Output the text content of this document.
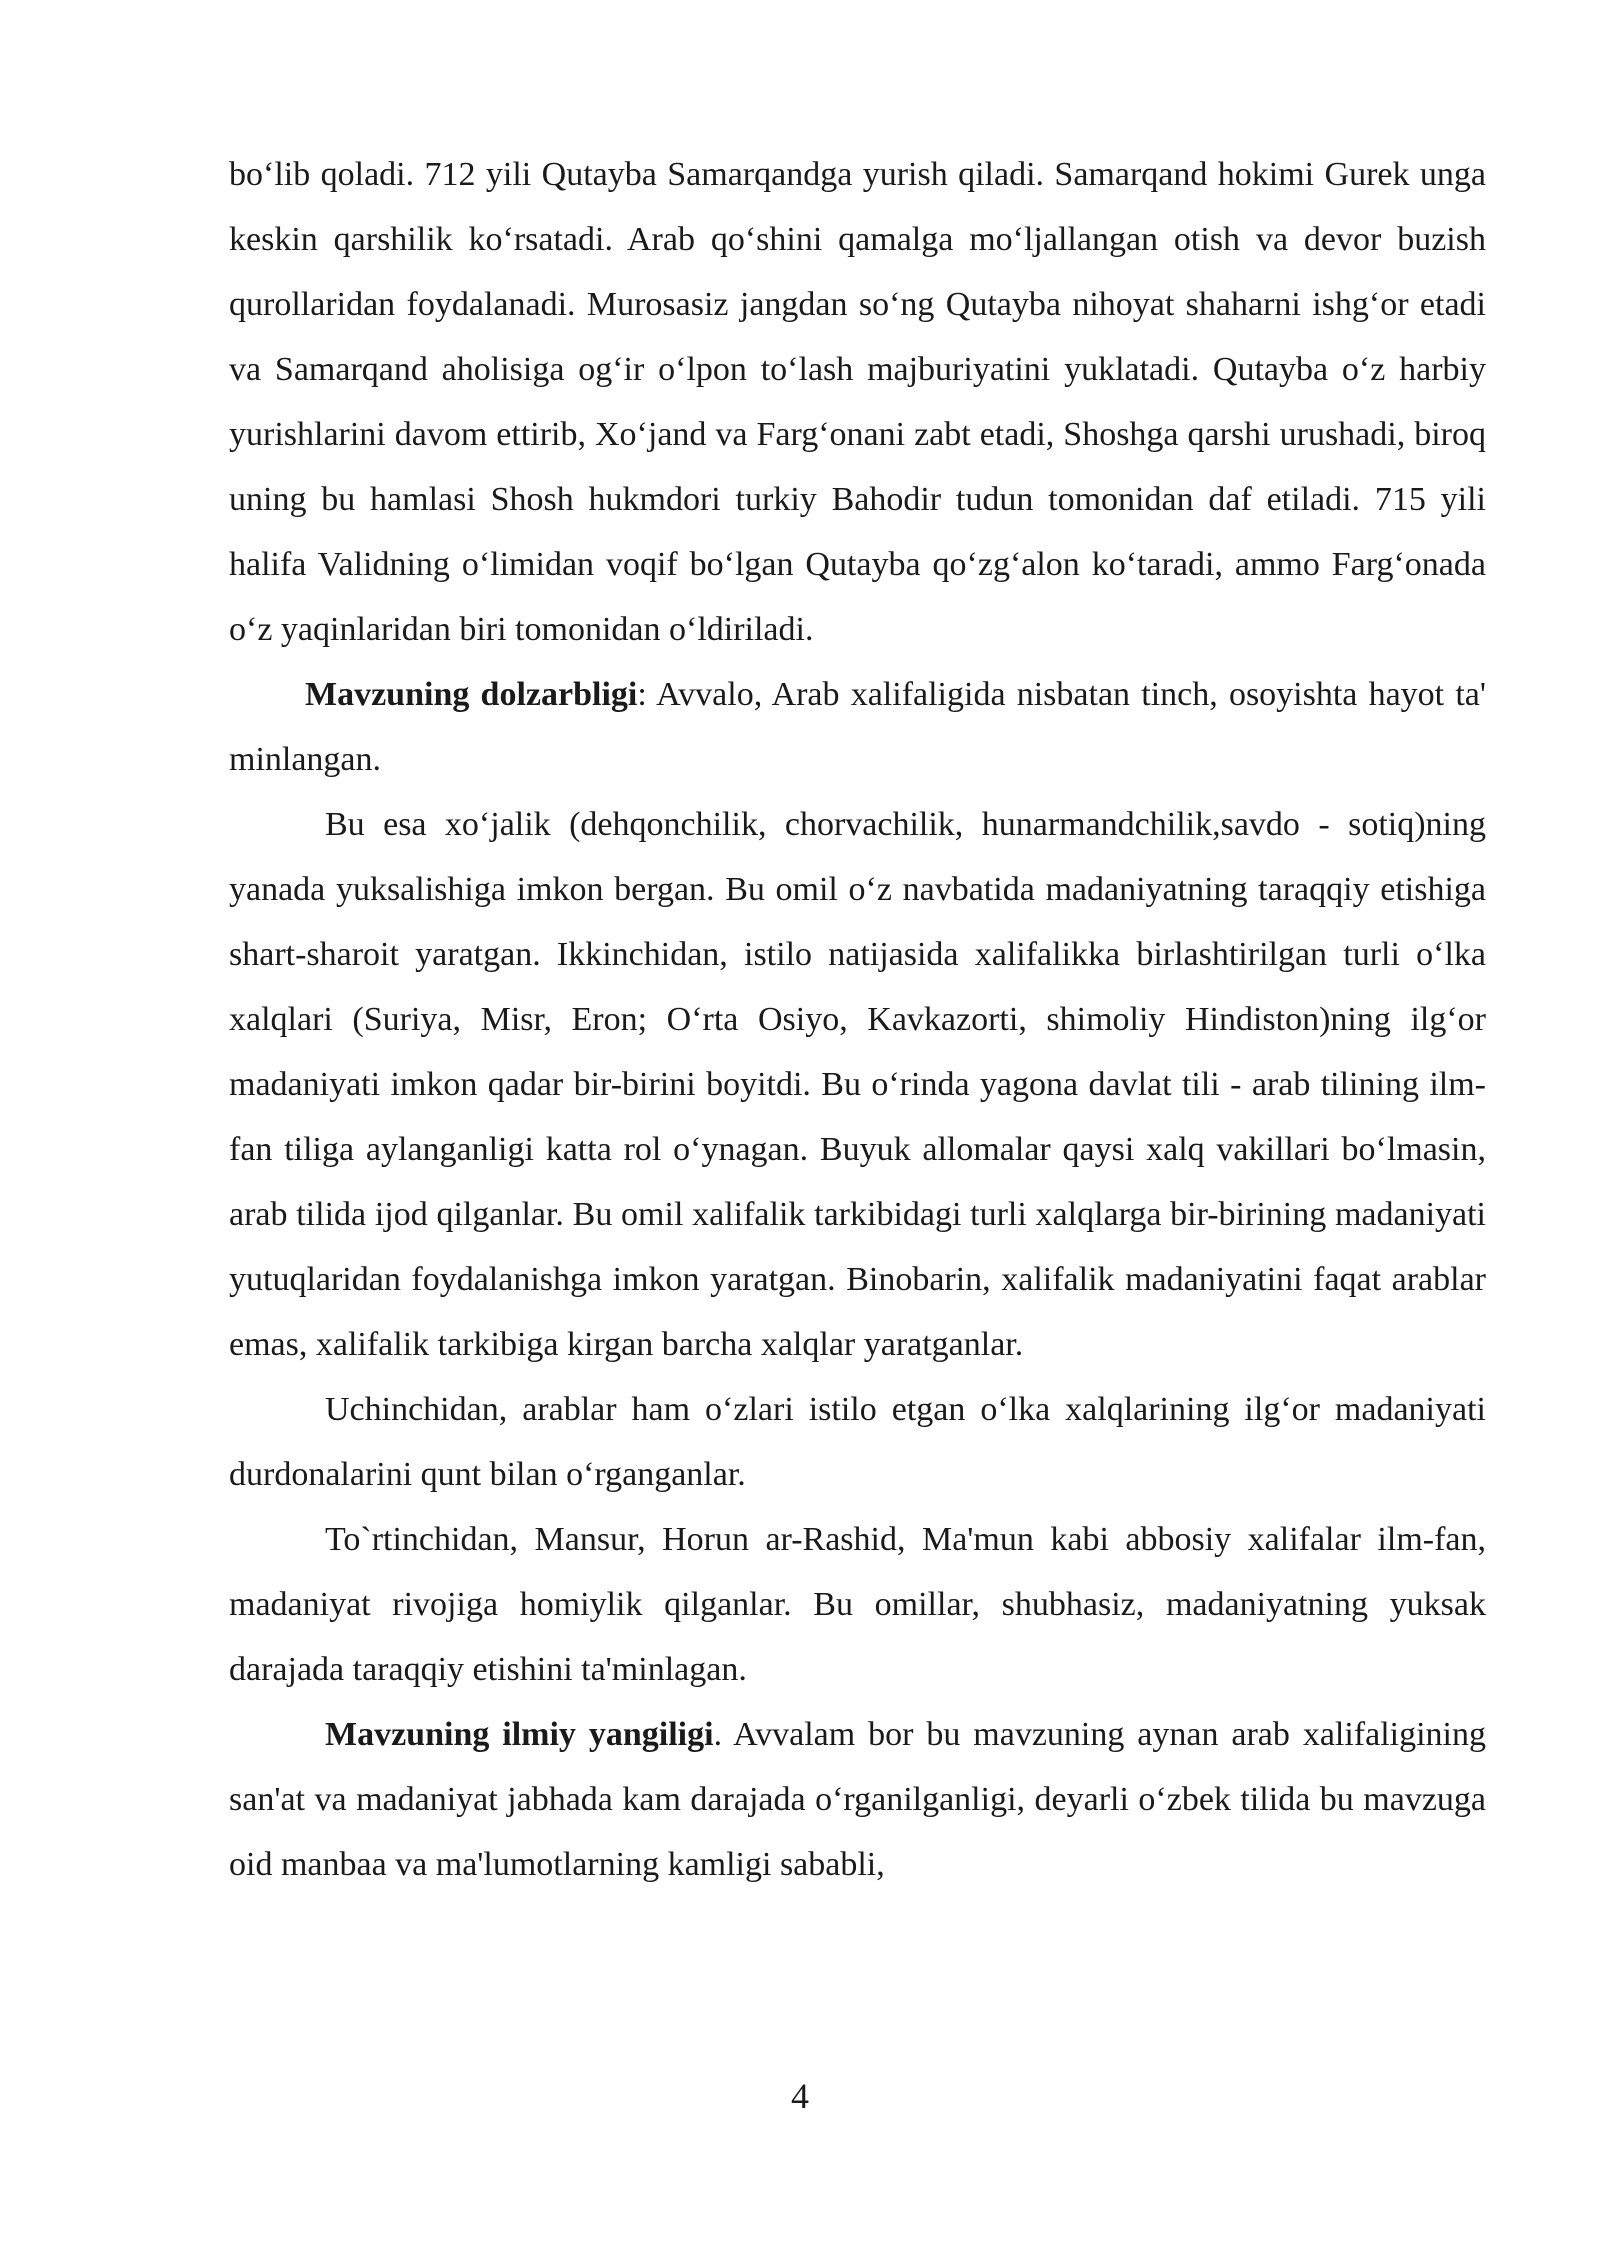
bo‘lib qoladi. 712 yili Qutayba Samarqandga yurish qiladi. Samarqand hokimi Gurek unga keskin qarshilik ko‘rsatadi. Arab qo‘shini qamalga mo‘ljallangan otish va devor buzish qurollaridan foydalanadi. Murosasiz jangdan so‘ng Qutayba nihoyat shaharni ishg‘or etadi va Samarqand aholisiga og‘ir o‘lpon to‘lash majburiyatini yuklatadi. Qutayba o‘z harbiy yurishlarini davom ettirib, Xo‘jand va Farg‘onani zabt etadi, Shoshga qarshi urushadi, biroq uning bu hamlasi Shosh hukmdori turkiy Bahodir tudun tomonidan daf etiladi. 715 yili halifa Validning o‘limidan voqif bo‘lgan Qutayba qo‘zg‘alon ko‘taradi, ammo Farg‘onada o‘z yaqinlaridan biri tomonidan o‘ldiriladi.

Mavzuning dolzarbligi: Avvalo, Arab xalifaligida nisbatan tinch, osoyishta hayot ta' minlangan.

Bu esa xo‘jalik (dehqonchilik, chorvachilik, hunarmandchilik,savdo - sotiq)ning yanada yuksalishiga imkon bergan. Bu omil o‘z navbatida madaniyatning taraqqiy etishiga shart-sharoit yaratgan. Ikkinchidan, istilo natijasida xalifalikka birlashtirilgan turli o‘lka xalqlari (Suriya, Misr, Eron; O‘rta Osiyo, Kavkazorti, shimoliy Hindiston)ning ilg‘or madaniyati imkon qadar bir-birini boyitdi. Bu o‘rinda yagona davlat tili - arab tilining ilm-fan tiliga aylanganligi katta rol o‘ynagan. Buyuk allomalar qaysi xalq vakillari bo‘lmasin, arab tilida ijod qilganlar. Bu omil xalifalik tarkibidagi turli xalqlarga bir-birining madaniyati yutuqlaridan foydalanishga imkon yaratgan. Binobarin, xalifalik madaniyatini faqat arablar emas, xalifalik tarkibiga kirgan barcha xalqlar yaratganlar.

Uchinchidan, arablar ham o‘zlari istilo etgan o‘lka xalqlarining ilg‘or madaniyati durdonalarini qunt bilan o‘rganganlar.

To`rtinchidan, Mansur, Horun ar-Rashid, Ma'mun kabi abbosiy xalifalar ilm-fan, madaniyat rivojiga homiylik qilganlar. Bu omillar, shubhasiz, madaniyatning yuksak darajada taraqqiy etishini ta'minlagan.

Mavzuning ilmiy yangiligi. Avvalam bor bu mavzuning aynan arab xalifaligining san'at va madaniyat jabhada kam darajada o‘rganilganligi, deyarli o‘zbek tilida bu mavzuga oid manbaa va ma'lumotlarning kamligi sababli,

4
